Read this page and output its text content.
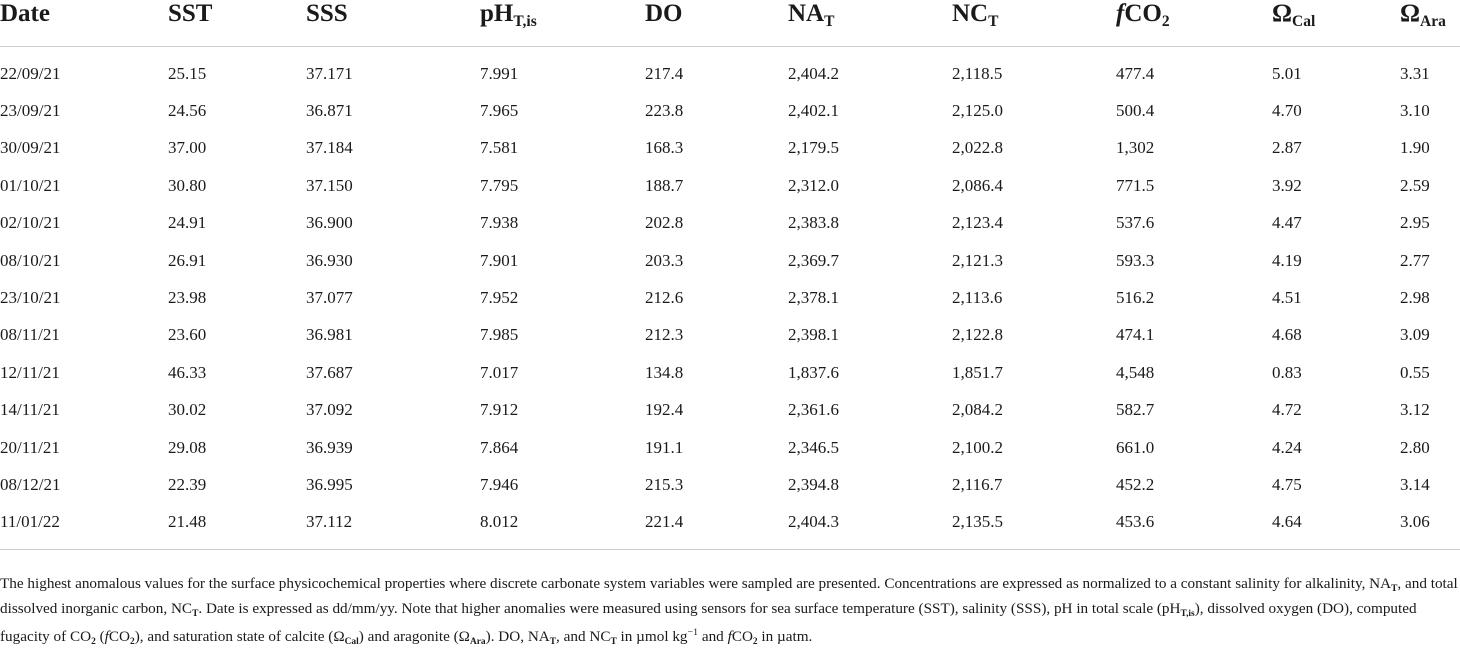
Date	SST	SSS	$pH_{T,is}$	DO	$NA_T$	$NC_T$	fCO$_2$	$\Omega_{Cal}$	$\Omega_{Ara}$
22/09/21	25.15	37.171	7.991	217.4	2,404.2	2,118.5	477.4	5.01	3.31
23/09/21	24.56	36.871	7.965	223.8	2,402.1	2,125.0	500.4	4.70	3.10
30/09/21	37.00	37.184	7.581	168.3	2,179.5	2,022.8	1,302	2.87	1.90
01/10/21	30.80	37.150	7.795	188.7	2,312.0	2,086.4	771.5	3.92	2.59
02/10/21	24.91	36.900	7.938	202.8	2,383.8	2,123.4	537.6	4.47	2.95
08/10/21	26.91	36.930	7.901	203.3	2,369.7	2,121.3	593.3	4.19	2.77
23/10/21	23.98	37.077	7.952	212.6	2,378.1	2,113.6	516.2	4.51	2.98
08/11/21	23.60	36.981	7.985	212.3	2,398.1	2,122.8	474.1	4.68	3.09
12/11/21	46.33	37.687	7.017	134.8	1,837.6	1,851.7	4,548	0.83	0.55
14/11/21	30.02	37.092	7.912	192.4	2,361.6	2,084.2	582.7	4.72	3.12
20/11/21	29.08	36.939	7.864	191.1	2,346.5	2,100.2	661.0	4.24	2.80
08/12/21	22.39	36.995	7.946	215.3	2,394.8	2,116.7	452.2	4.75	3.14
11/01/22	21.48	37.112	8.012	221.4	2,404.3	2,135.5	453.6	4.64	3.06

The highest anomalous values for the surface physicochemical properties where discrete carbonate system variables were sampled are presented. Concentrations are expressed as normalized to a constant salinity for alkalinity, $NA_T$, and total dissolved inorganic carbon, $NC_T$. Date is expressed as dd/mm/yy. Note that higher anomalies were measured using sensors for sea surface temperature (SST), salinity (SSS), pH in total scale $(pH_{T,is})$, dissolved oxygen (DO), computed fugacity of $CO_2$ (fCO$_2$), and saturation state of calcite $(\Omega_{Cal})$ and aragonite $(\Omega_{Ara})$. DO, $NA_T$, and $NC_T$ in µmol $kg^{-1}$ and fCO$_2$ in µatm.
